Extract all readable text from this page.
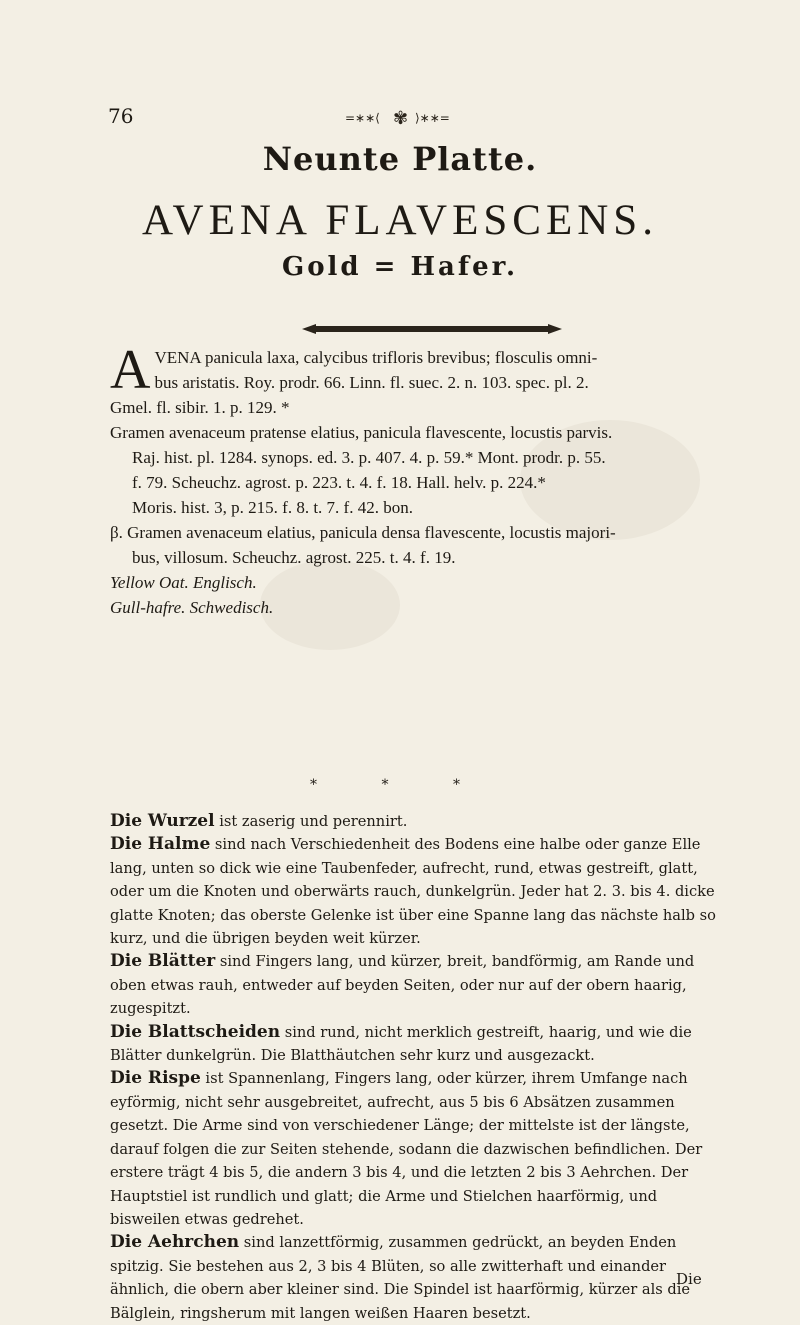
76	=∗∗⟨ ✾ ⟩∗∗=
Neunte Platte.
AVENA FLAVESCENS.
Gold = Hafer.
A VENA panicula laxa, calycibus trifloris brevibus; flosculis omni-

bus aristatis. Roy. prodr. 66. Linn. fl. suec. 2. n. 103. spec. pl. 2.

Gmel. fl. sibir. 1. p. 129. *

Gramen avenaceum pratense elatius, panicula flavescente, locustis parvis.

Raj. hist. pl. 1284. synops. ed. 3. p. 407. 4. p. 59.* Mont. prodr. p. 55.

f. 79. Scheuchz. agrost. p. 223. t. 4. f. 18. Hall. helv. p. 224.*

Moris. hist. 3, p. 215. f. 8. t. 7. f. 42. bon.

β. Gramen avenaceum elatius, panicula densa flavescente, locustis majori-

bus, villosum. Scheuchz. agrost. 225. t. 4. f. 19.

Yellow Oat. Englisch.

Gull-hafre. Schwedisch.

* * *

Die Wurzel ist zaserig und perennirt.

Die Halme sind nach Verschiedenheit des Bodens eine halbe oder ganze Elle lang, unten so dick wie eine Taubenfeder, aufrecht, rund, etwas gestreift, glatt, oder um die Knoten und oberwärts rauch, dunkelgrün. Jeder hat 2. 3. bis 4. dicke glatte Knoten; das oberste Gelenke ist über eine Spanne lang das nächste halb so kurz, und die übrigen beyden weit kürzer.

Die Blätter sind Fingers lang, und kürzer, breit, bandförmig, am Rande und oben etwas rauh, entweder auf beyden Seiten, oder nur auf der obern haarig, zugespitzt.

Die Blattscheiden sind rund, nicht merklich gestreift, haarig, und wie die Blätter dunkelgrün. Die Blatthäutchen sehr kurz und ausgezackt.

Die Rispe ist Spannenlang, Fingers lang, oder kürzer, ihrem Umfange nach eyförmig, nicht sehr ausgebreitet, aufrecht, aus 5 bis 6 Absätzen zusammen gesetzt. Die Arme sind von verschiedener Länge; der mittelste ist der längste, darauf folgen die zur Seiten stehende, sodann die dazwischen befindlichen. Der erstere trägt 4 bis 5, die andern 3 bis 4, und die letzten 2 bis 3 Aehrchen. Der Hauptstiel ist rundlich und glatt; die Arme und Stielchen haarförmig, und bisweilen etwas gedrehet.

Die Aehrchen sind lanzettförmig, zusammen gedrückt, an beyden Enden spitzig. Sie bestehen aus 2, 3 bis 4 Blüten, so alle zwitterhaft und einander ähnlich, die obern aber kleiner sind. Die Spindel ist haarförmig, kürzer als die Bälglein, ringsherum mit langen weißen Haaren besetzt.

Die
